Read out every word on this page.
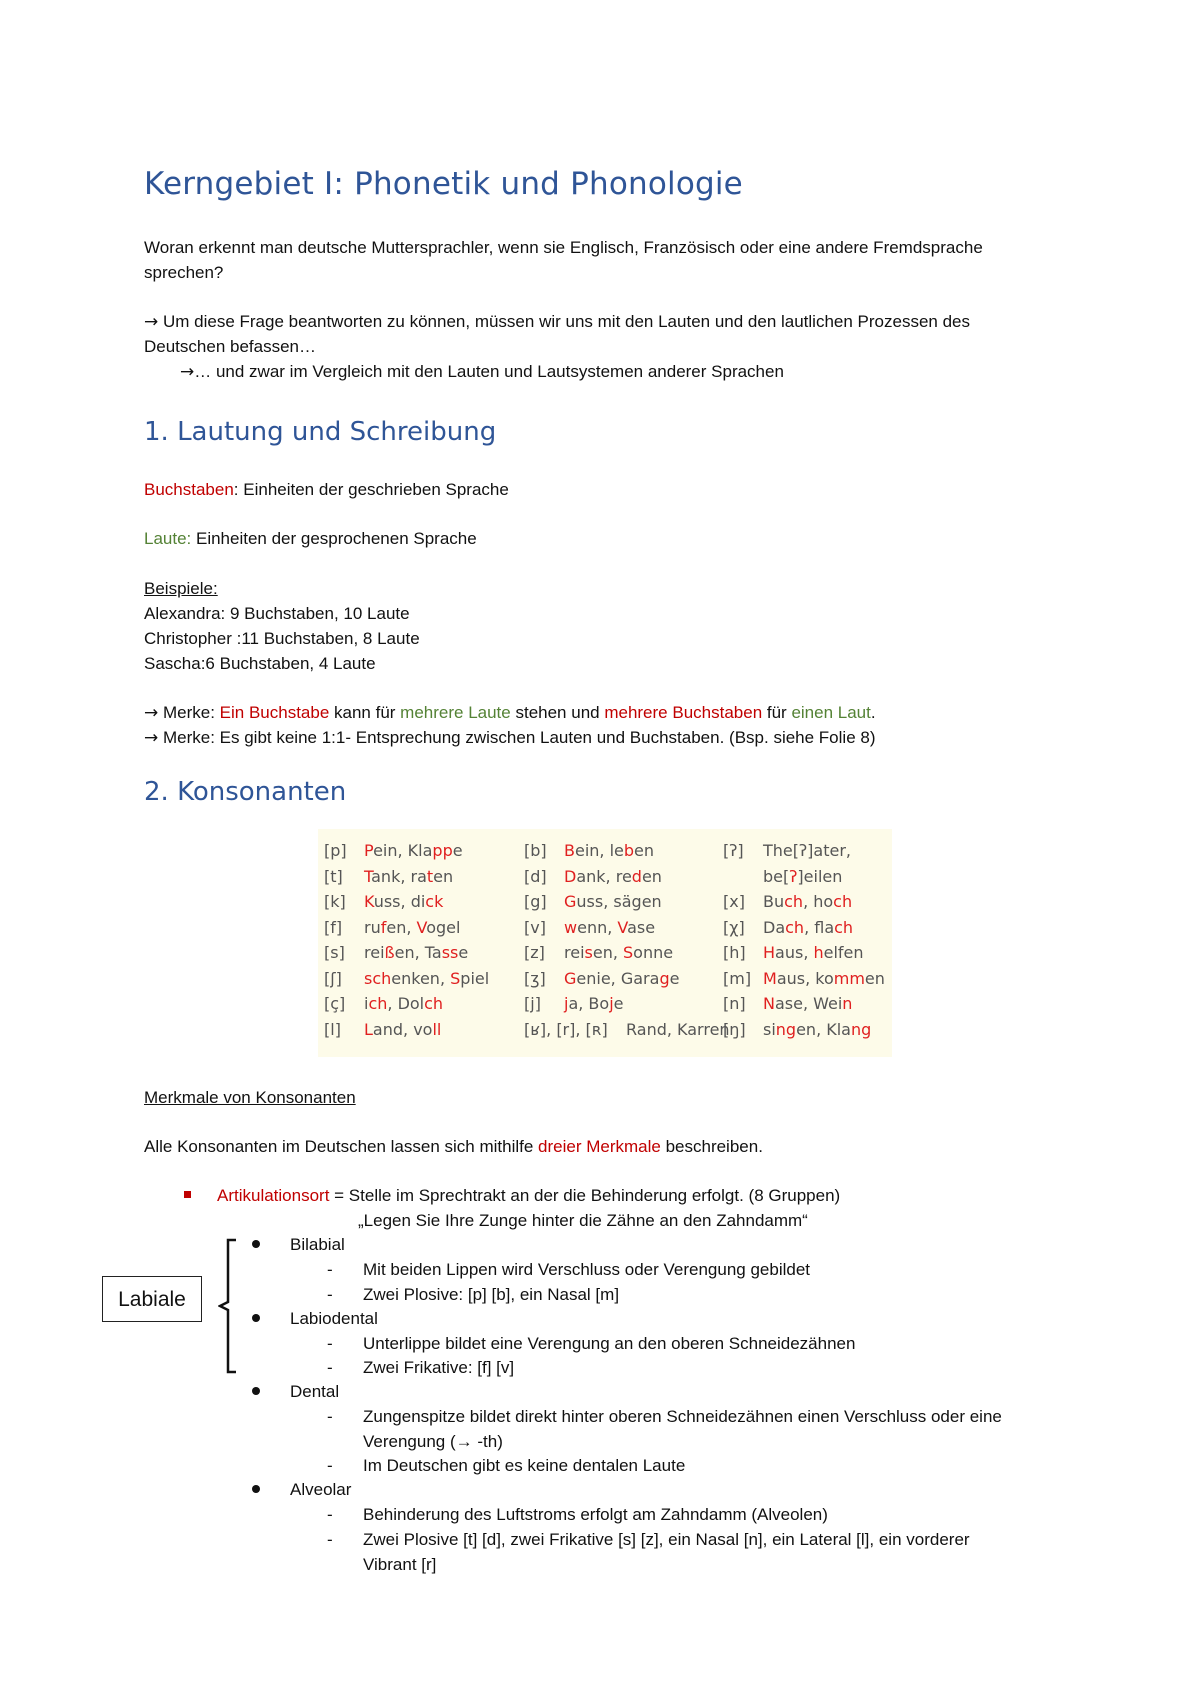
Kerngebiet I: Phonetik und Phonologie
Woran erkennt man deutsche Muttersprachler, wenn sie Englisch, Französisch oder eine andere Fremdsprache
sprechen?
→ Um diese Frage beantworten zu können, müssen wir uns mit den Lauten und den lautlichen Prozessen des
Deutschen befassen…
→… und zwar im Vergleich mit den Lauten und Lautsystemen anderer Sprachen
1. Lautung und Schreibung
Buchstaben: Einheiten der geschrieben Sprache
Laute: Einheiten der gesprochenen Sprache
Beispiele:
Alexandra: 9 Buchstaben, 10 Laute
Christopher :11 Buchstaben, 8 Laute
Sascha:6 Buchstaben, 4 Laute
→ Merke: Ein Buchstabe kann für mehrere Laute stehen und mehrere Buchstaben für einen Laut.
→ Merke: Es gibt keine 1:1- Entsprechung zwischen Lauten und Buchstaben. (Bsp. siehe Folie 8)
2. Konsonanten
[p] Pein, Klappe
[t] Tank, raten
[k] Kuss, dick
[f] rufen, Vogel
[s] reißen, Tasse
[ʃ] schenken, Spiel
[ç] ich, Dolch
[l] Land, voll
[b] Bein, leben
[d] Dank, reden
[g] Guss, sägen
[v] wenn, Vase
[z] reisen, Sonne
[ʒ] Genie, Garage
[j] ja, Boje
[ʁ], [r], [ʀ] Rand, Karren
[ʔ] The[ʔ]ater,
be[ʔ]eilen
[x] Buch, hoch
[χ] Dach, flach
[h] Haus, helfen
[m] Maus, kommen
[n] Nase, Wein
[ŋ] singen, Klang
Merkmale von Konsonanten
Alle Konsonanten im Deutschen lassen sich mithilfe dreier Merkmale beschreiben.
Artikulationsort = Stelle im Sprechtrakt an der die Behinderung erfolgt. (8 Gruppen)
„Legen Sie Ihre Zunge hinter die Zähne an den Zahndamm“
Labiale
Bilabial
- Mit beiden Lippen wird Verschluss oder Verengung gebildet
- Zwei Plosive: [p] [b], ein Nasal [m]
Labiodental
- Unterlippe bildet eine Verengung an den oberen Schneidezähnen
- Zwei Frikative: [f] [v]
Dental
- Zungenspitze bildet direkt hinter oberen Schneidezähnen einen Verschluss oder eine
Verengung (→ -th)
- Im Deutschen gibt es keine dentalen Laute
Alveolar
- Behinderung des Luftstroms erfolgt am Zahndamm (Alveolen)
- Zwei Plosive [t] [d], zwei Frikative [s] [z], ein Nasal [n], ein Lateral [l], ein vorderer
Vibrant [r]
